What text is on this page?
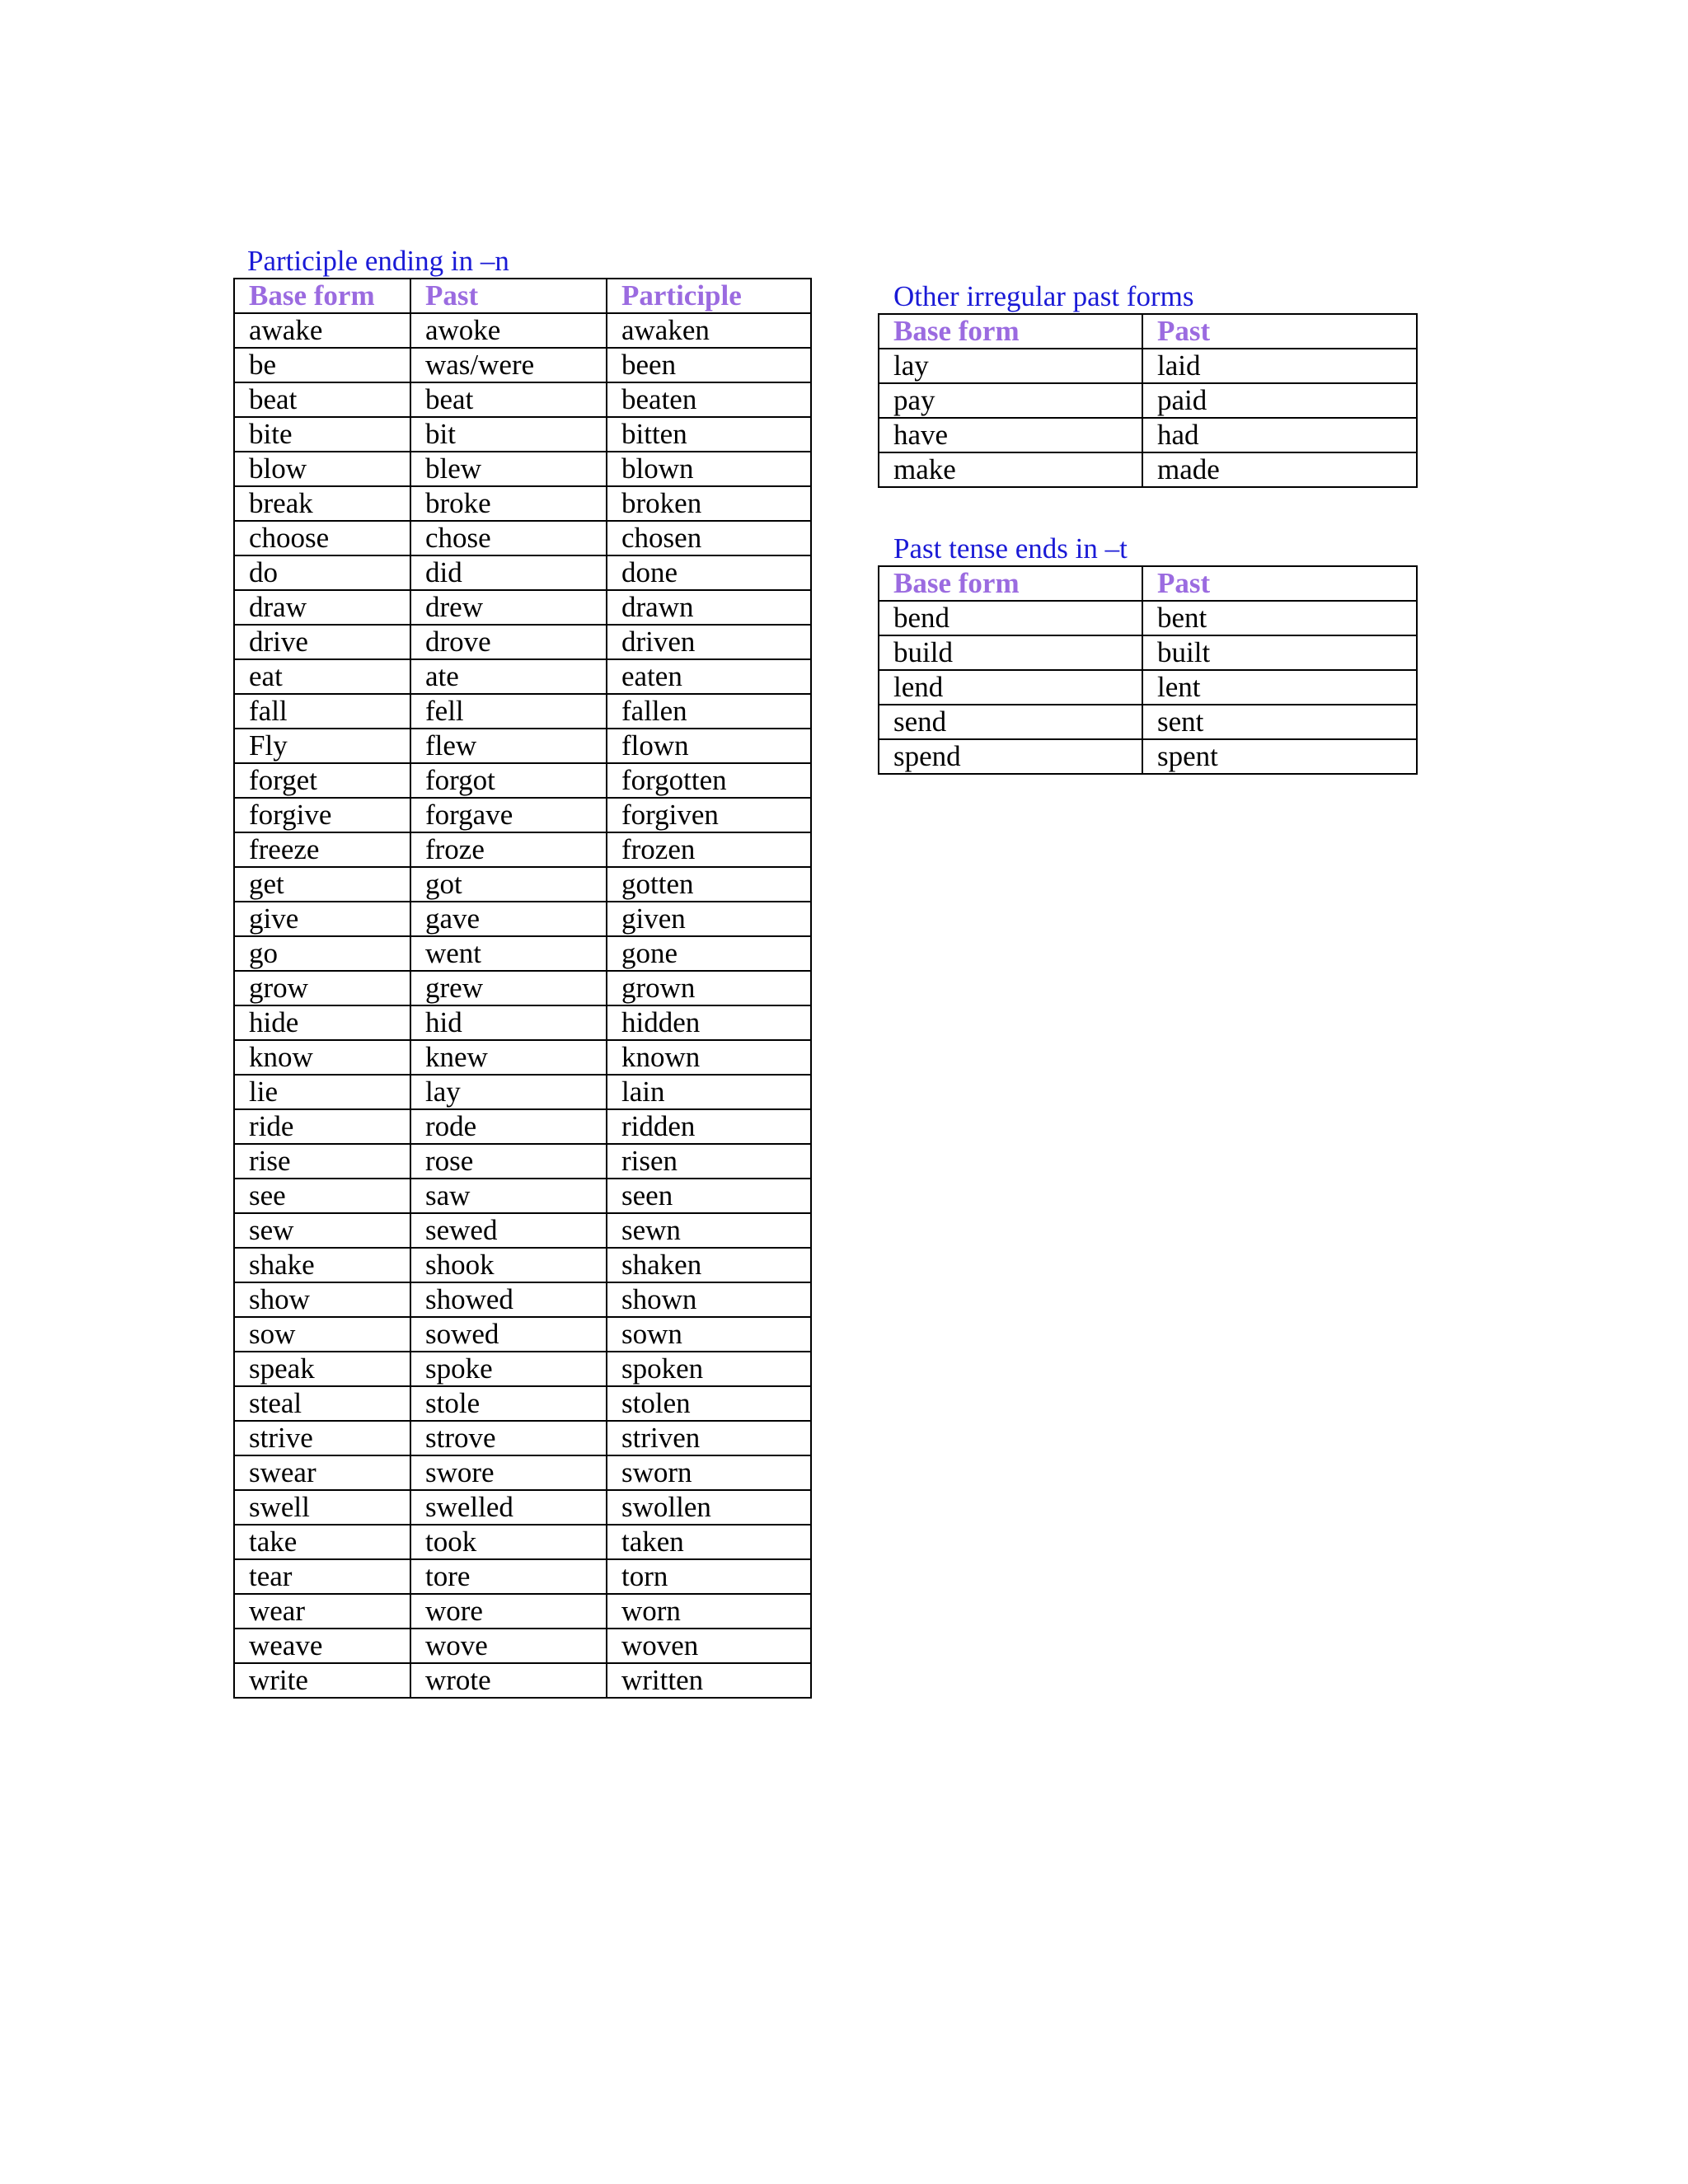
Participle ending in –n
Base form	Past	Participle
awake	awoke	awaken
be	was/were	been
beat	beat	beaten
bite	bit	bitten
blow	blew	blown
break	broke	broken
choose	chose	chosen
do	did	done
draw	drew	drawn
drive	drove	driven
eat	ate	eaten
fall	fell	fallen
Fly	flew	flown
forget	forgot	forgotten
forgive	forgave	forgiven
freeze	froze	frozen
get	got	gotten
give	gave	given
go	went	gone
grow	grew	grown
hide	hid	hidden
know	knew	known
lie	lay	lain
ride	rode	ridden
rise	rose	risen
see	saw	seen
sew	sewed	sewn
shake	shook	shaken
show	showed	shown
sow	sowed	sown
speak	spoke	spoken
steal	stole	stolen
strive	strove	striven
swear	swore	sworn
swell	swelled	swollen
take	took	taken
tear	tore	torn
wear	wore	worn
weave	wove	woven
write	wrote	written
Other irregular past forms
Base form	Past
lay	laid
pay	paid
have	had
make	made
Past tense ends in –t
Base form	Past
bend	bent
build	built
lend	lent
send	sent
spend	spent
